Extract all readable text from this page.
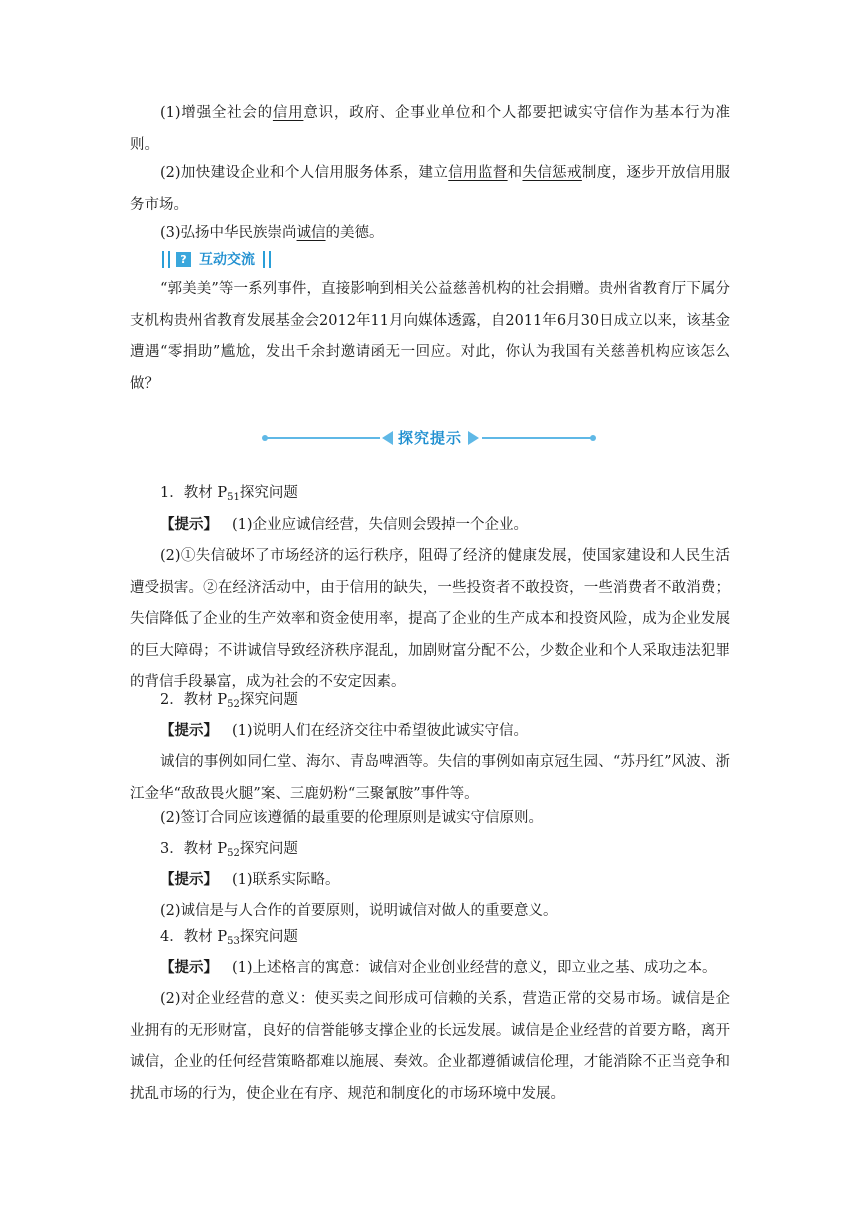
(1)增强全社会的信用意识，政府、企事业单位和个人都要把诚实守信作为基本行为准则。
(2)加快建设企业和个人信用服务体系，建立信用监督和失信惩戒制度，逐步开放信用服务市场。
(3)弘扬中华民族崇尚诚信的美德。
? 互动交流
“郭美美”等一系列事件，直接影响到相关公益慈善机构的社会捐赠。贵州省教育厅下属分支机构贵州省教育发展基金会2012年11月向媒体透露，自2011年6月30日成立以来，该基金遭遇“零捐助”尴尬，发出千余封邀请函无一回应。对此，你认为我国有关慈善机构应该怎么做？
探究提示
1．教材 $P_{51}$探究问题
【提示】 (1)企业应诚信经营，失信则会毁掉一个企业。
(2)①失信破坏了市场经济的运行秩序，阻碍了经济的健康发展，使国家建设和人民生活遭受损害。②在经济活动中，由于信用的缺失，一些投资者不敢投资，一些消费者不敢消费；失信降低了企业的生产效率和资金使用率，提高了企业的生产成本和投资风险，成为企业发展的巨大障碍；不讲诚信导致经济秩序混乱，加剧财富分配不公，少数企业和个人采取违法犯罪的背信手段暴富，成为社会的不安定因素。
2．教材 $P_{52}$探究问题
【提示】 (1)说明人们在经济交往中希望彼此诚实守信。
诚信的事例如同仁堂、海尔、青岛啤酒等。失信的事例如南京冠生园、“苏丹红”风波、浙江金华“敌敌畏火腿”案、三鹿奶粉“三聚氰胺”事件等。
(2)签订合同应该遵循的最重要的伦理原则是诚实守信原则。
3．教材 $P_{52}$探究问题
【提示】 (1)联系实际略。
(2)诚信是与人合作的首要原则，说明诚信对做人的重要意义。
4．教材 $P_{53}$探究问题
【提示】 (1)上述格言的寓意：诚信对企业创业经营的意义，即立业之基、成功之本。
(2)对企业经营的意义：使买卖之间形成可信赖的关系，营造正常的交易市场。诚信是企业拥有的无形财富，良好的信誉能够支撑企业的长远发展。诚信是企业经营的首要方略，离开诚信，企业的任何经营策略都难以施展、奏效。企业都遵循诚信伦理，才能消除不正当竞争和扰乱市场的行为，使企业在有序、规范和制度化的市场环境中发展。
